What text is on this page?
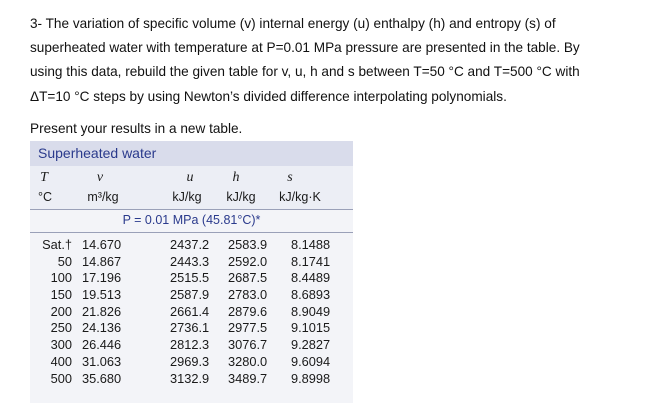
3- The variation of specific volume (v) internal energy (u) enthalpy (h) and entropy (s) of

superheated water with temperature at P=0.01 MPa pressure are presented in the table. By

using this data, rebuild the given table for v, u, h and s between T=50 °C and T=500 °C with

ΔT=10 °C steps by using Newton’s divided difference interpolating polynomials.

Present your results in a new table.

Superheated water
T	v	u	h	s
°C	m³/kg	kJ/kg	kJ/kg	kJ/kg·K
P = 0.01 MPa (45.81°C)*
Sat.† 14.670	2437.2 2583.9 8.1488
50 14.867	2443.3 2592.0 8.1741
100 17.196	2515.5 2687.5 8.4489
150 19.513	2587.9 2783.0 8.6893
200 21.826	2661.4 2879.6 8.9049
250 24.136	2736.1 2977.5 9.1015
300 26.446	2812.3 3076.7 9.2827
400 31.063	2969.3 3280.0 9.6094
500 35.680	3132.9 3489.7 9.8998
